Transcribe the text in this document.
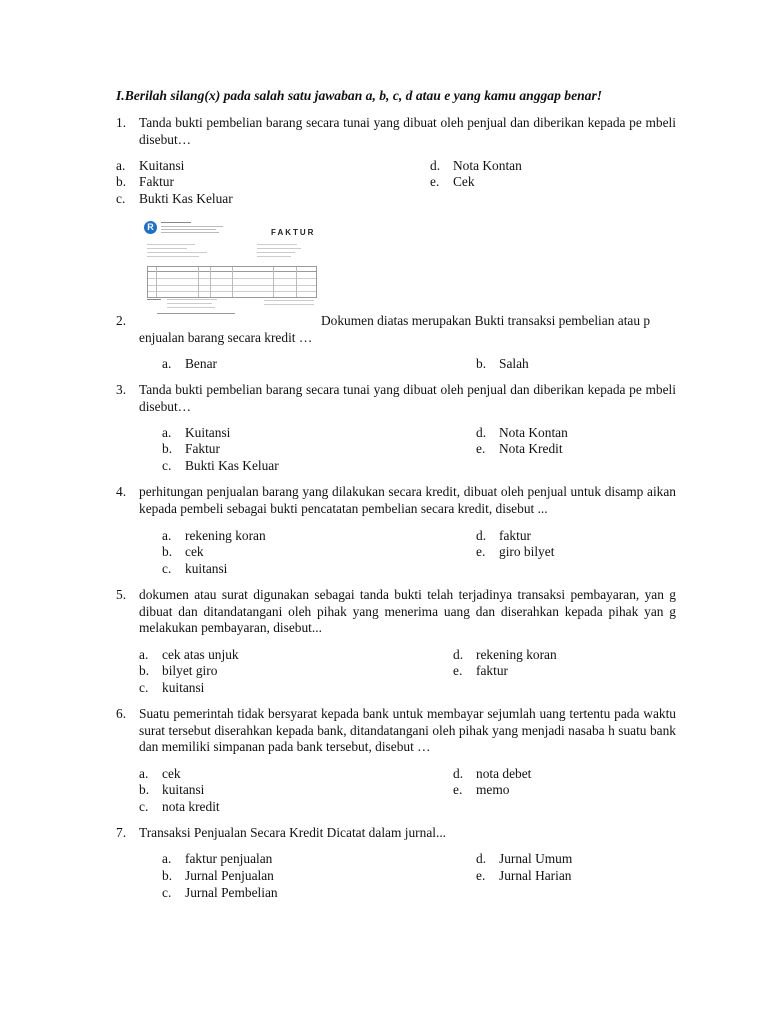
I.Berilah silang(x) pada salah satu jawaban a, b, c, d atau e yang kamu anggap benar!
1. Tanda bukti pembelian barang secara tunai yang dibuat oleh penjual dan diberikan kepada pe mbeli disebut…
a. Kuitansi
b. Faktur
c. Bukti Kas Keluar
d. Nota Kontan
e. Cek
R
FAKTUR
2.	Dokumen diatas merupakan Bukti transaksi pembelian atau p
enjualan barang secara kredit …
a. Benar	b. Salah
3. Tanda bukti pembelian barang secara tunai yang dibuat oleh penjual dan diberikan kepada pe mbeli disebut…
a. Kuitansi
b. Faktur
c. Bukti Kas Keluar
d. Nota Kontan
e. Nota Kredit
4. perhitungan penjualan barang yang dilakukan secara kredit, dibuat oleh penjual untuk disamp aikan kepada pembeli sebagai bukti pencatatan pembelian secara kredit, disebut ...
a. rekening koran
b. cek
c. kuitansi
d. faktur
e. giro bilyet
5. dokumen atau surat digunakan sebagai tanda bukti telah terjadinya transaksi pembayaran, yan g dibuat dan ditandatangani oleh pihak yang menerima uang dan diserahkan kepada pihak yan g melakukan pembayaran, disebut...
a. cek atas unjuk
b. bilyet giro
c. kuitansi
d. rekening koran
e. faktur
6. Suatu pemerintah tidak bersyarat kepada bank untuk membayar sejumlah uang tertentu pada waktu surat tersebut diserahkan kepada bank, ditandatangani oleh pihak yang menjadi nasaba h suatu bank dan memiliki simpanan pada bank tersebut, disebut …
a. cek
b. kuitansi
c. nota kredit
d. nota debet
e. memo
7. Transaksi Penjualan Secara Kredit Dicatat dalam jurnal...
a. faktur penjualan
b. Jurnal Penjualan
c. Jurnal Pembelian
d. Jurnal Umum
e. Jurnal Harian
